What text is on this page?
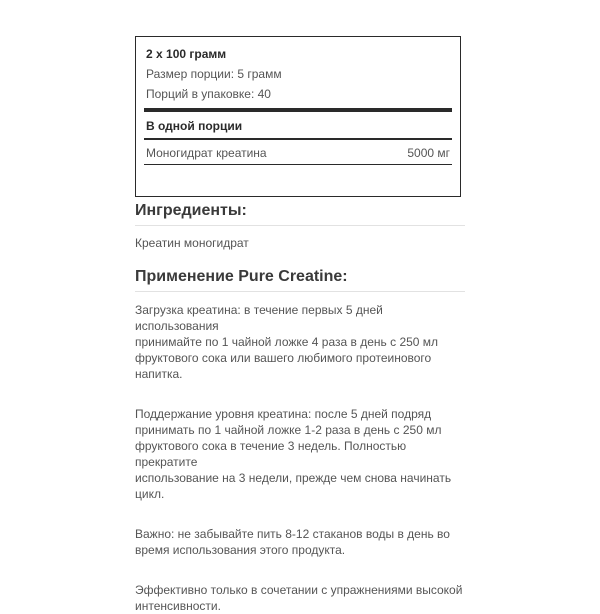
2 x 100 грамм
Размер порции: 5 грамм
Порций в упаковке: 40
В одной порции
Моногидрат креатина	5000 мг
Ингредиенты:

Креатин моногидрат

Применение Pure Creatine:

Загрузка креатина: в течение первых 5 дней использования

принимайте по 1 чайной ложке 4 раза в день с 250 мл

фруктового сока или вашего любимого протеинового

напитка.

Поддержание уровня креатина: после 5 дней подряд

принимать по 1 чайной ложке 1-2 раза в день с 250 мл

фруктового сока в течение 3 недель. Полностью прекратите

использование на 3 недели, прежде чем снова начинать

цикл.

Важно: не забывайте пить 8-12 стаканов воды в день во

время использования этого продукта.

Эффективно только в сочетании с упражнениями высокой

интенсивности.
